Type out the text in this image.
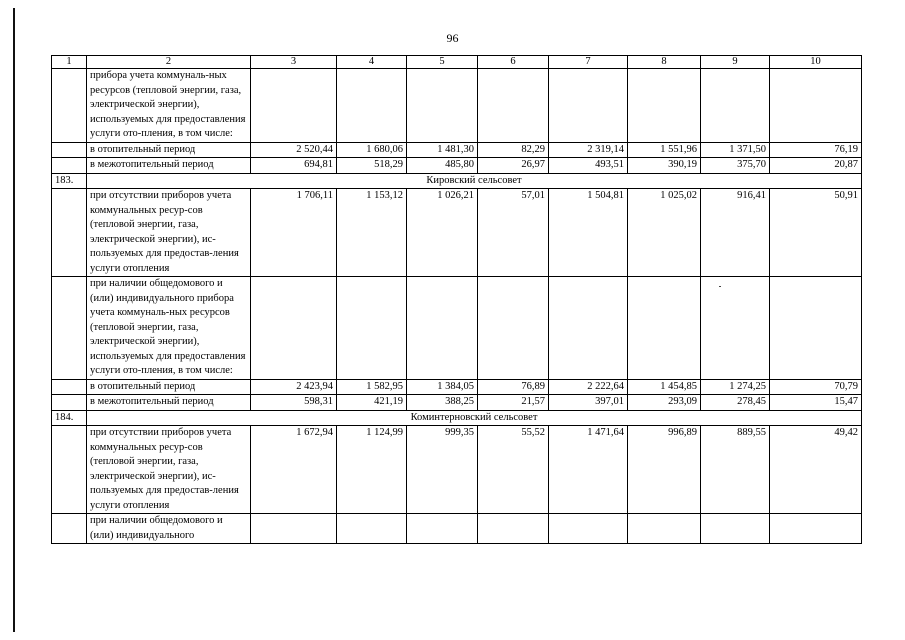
96
1	2	3	4	5	6	7	8	9	10
	прибора учета коммуналь-ных ресурсов (тепловой энергии, газа, электрической энергии), используемых для предоставления услуги ото-пления, в том числе:								
	в отопительный период	2 520,44	1 680,06	1 481,30	82,29	2 319,14	1 551,96	1 371,50	76,19
	в межотопительный период	694,81	518,29	485,80	26,97	493,51	390,19	375,70	20,87
183.	Кировский сельсовет								
	при отсутствии приборов учета коммунальных ресур-сов (тепловой энергии, газа, электрической энергии), ис-пользуемых для предостав-ления услуги отопления	1 706,11	1 153,12	1 026,21	57,01	1 504,81	1 025,02	916,41	50,91
	при наличии общедомового и (или) индивидуального прибора учета коммуналь-ных ресурсов (тепловой энергии, газа, электрической энергии), используемых для предоставления услуги ото-пления, в том числе:								
	в отопительный период	2 423,94	1 582,95	1 384,05	76,89	2 222,64	1 454,85	1 274,25	70,79
	в межотопительный период	598,31	421,19	388,25	21,57	397,01	293,09	278,45	15,47
184.	Коминтерновский сельсовет								
	при отсутствии приборов учета коммунальных ресур-сов (тепловой энергии, газа, электрической энергии), ис-пользуемых для предостав-ления услуги отопления	1 672,94	1 124,99	999,35	55,52	1 471,64	996,89	889,55	49,42
	при наличии общедомового и (или) индивидуального								
